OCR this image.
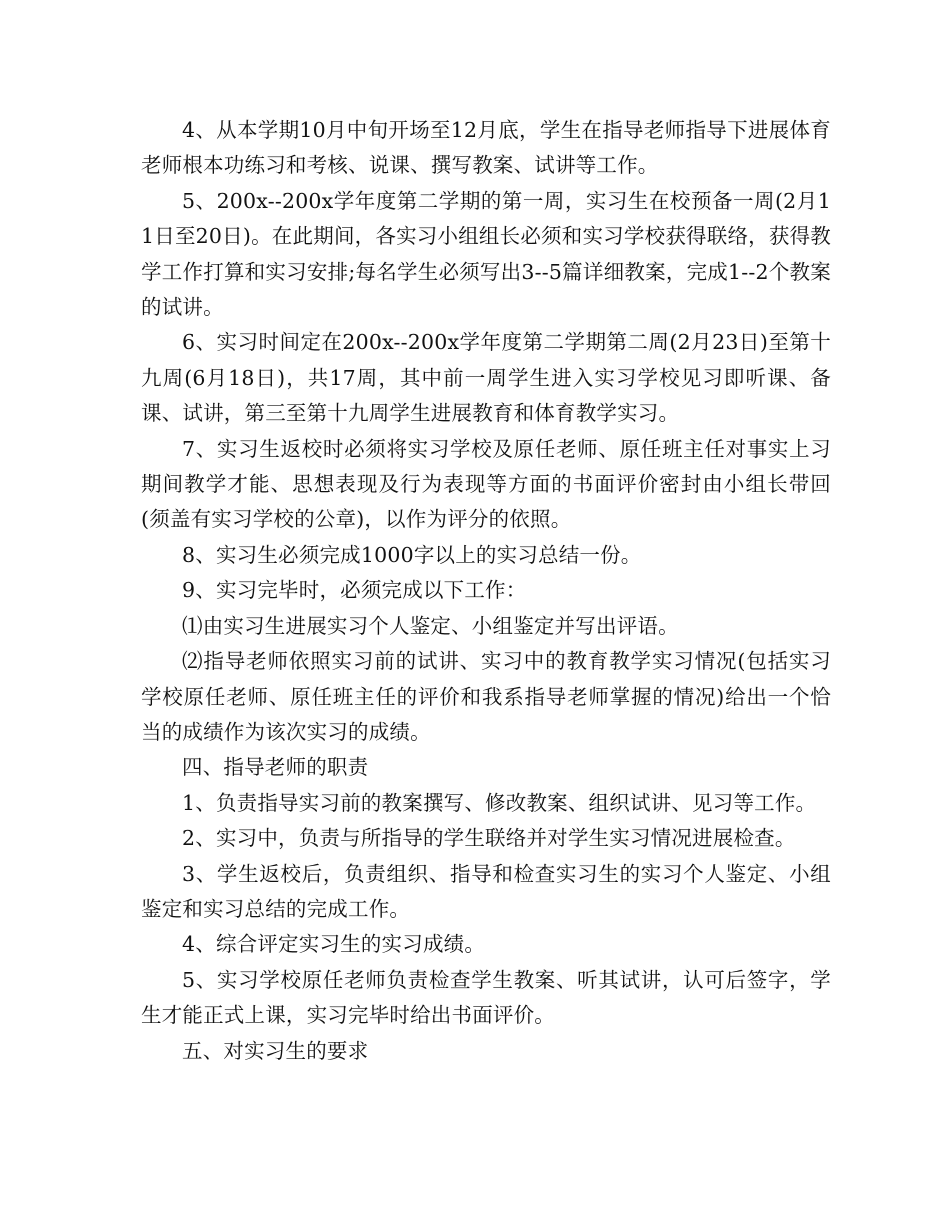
4、从本学期10月中旬开场至12月底，学生在指导老师指导下进展体育老师根本功练习和考核、说课、撰写教案、试讲等工作。

5、200x--200x学年度第二学期的第一周，实习生在校预备一周(2月11日至20日)。在此期间，各实习小组组长必须和实习学校获得联络，获得教学工作打算和实习安排;每名学生必须写出3--5篇详细教案，完成1--2个教案的试讲。

6、实习时间定在200x--200x学年度第二学期第二周(2月23日)至第十九周(6月18日)，共17周，其中前一周学生进入实习学校见习即听课、备课、试讲，第三至第十九周学生进展教育和体育教学实习。

7、实习生返校时必须将实习学校及原任老师、原任班主任对事实上习期间教学才能、思想表现及行为表现等方面的书面评价密封由小组长带回(须盖有实习学校的公章)，以作为评分的依照。

8、实习生必须完成1000字以上的实习总结一份。

9、实习完毕时，必须完成以下工作：

⑴由实习生进展实习个人鉴定、小组鉴定并写出评语。

⑵指导老师依照实习前的试讲、实习中的教育教学实习情况(包括实习学校原任老师、原任班主任的评价和我系指导老师掌握的情况)给出一个恰当的成绩作为该次实习的成绩。

四、指导老师的职责

1、负责指导实习前的教案撰写、修改教案、组织试讲、见习等工作。

2、实习中，负责与所指导的学生联络并对学生实习情况进展检查。

3、学生返校后，负责组织、指导和检查实习生的实习个人鉴定、小组鉴定和实习总结的完成工作。

4、综合评定实习生的实习成绩。

5、实习学校原任老师负责检查学生教案、听其试讲，认可后签字，学生才能正式上课，实习完毕时给出书面评价。

五、对实习生的要求
